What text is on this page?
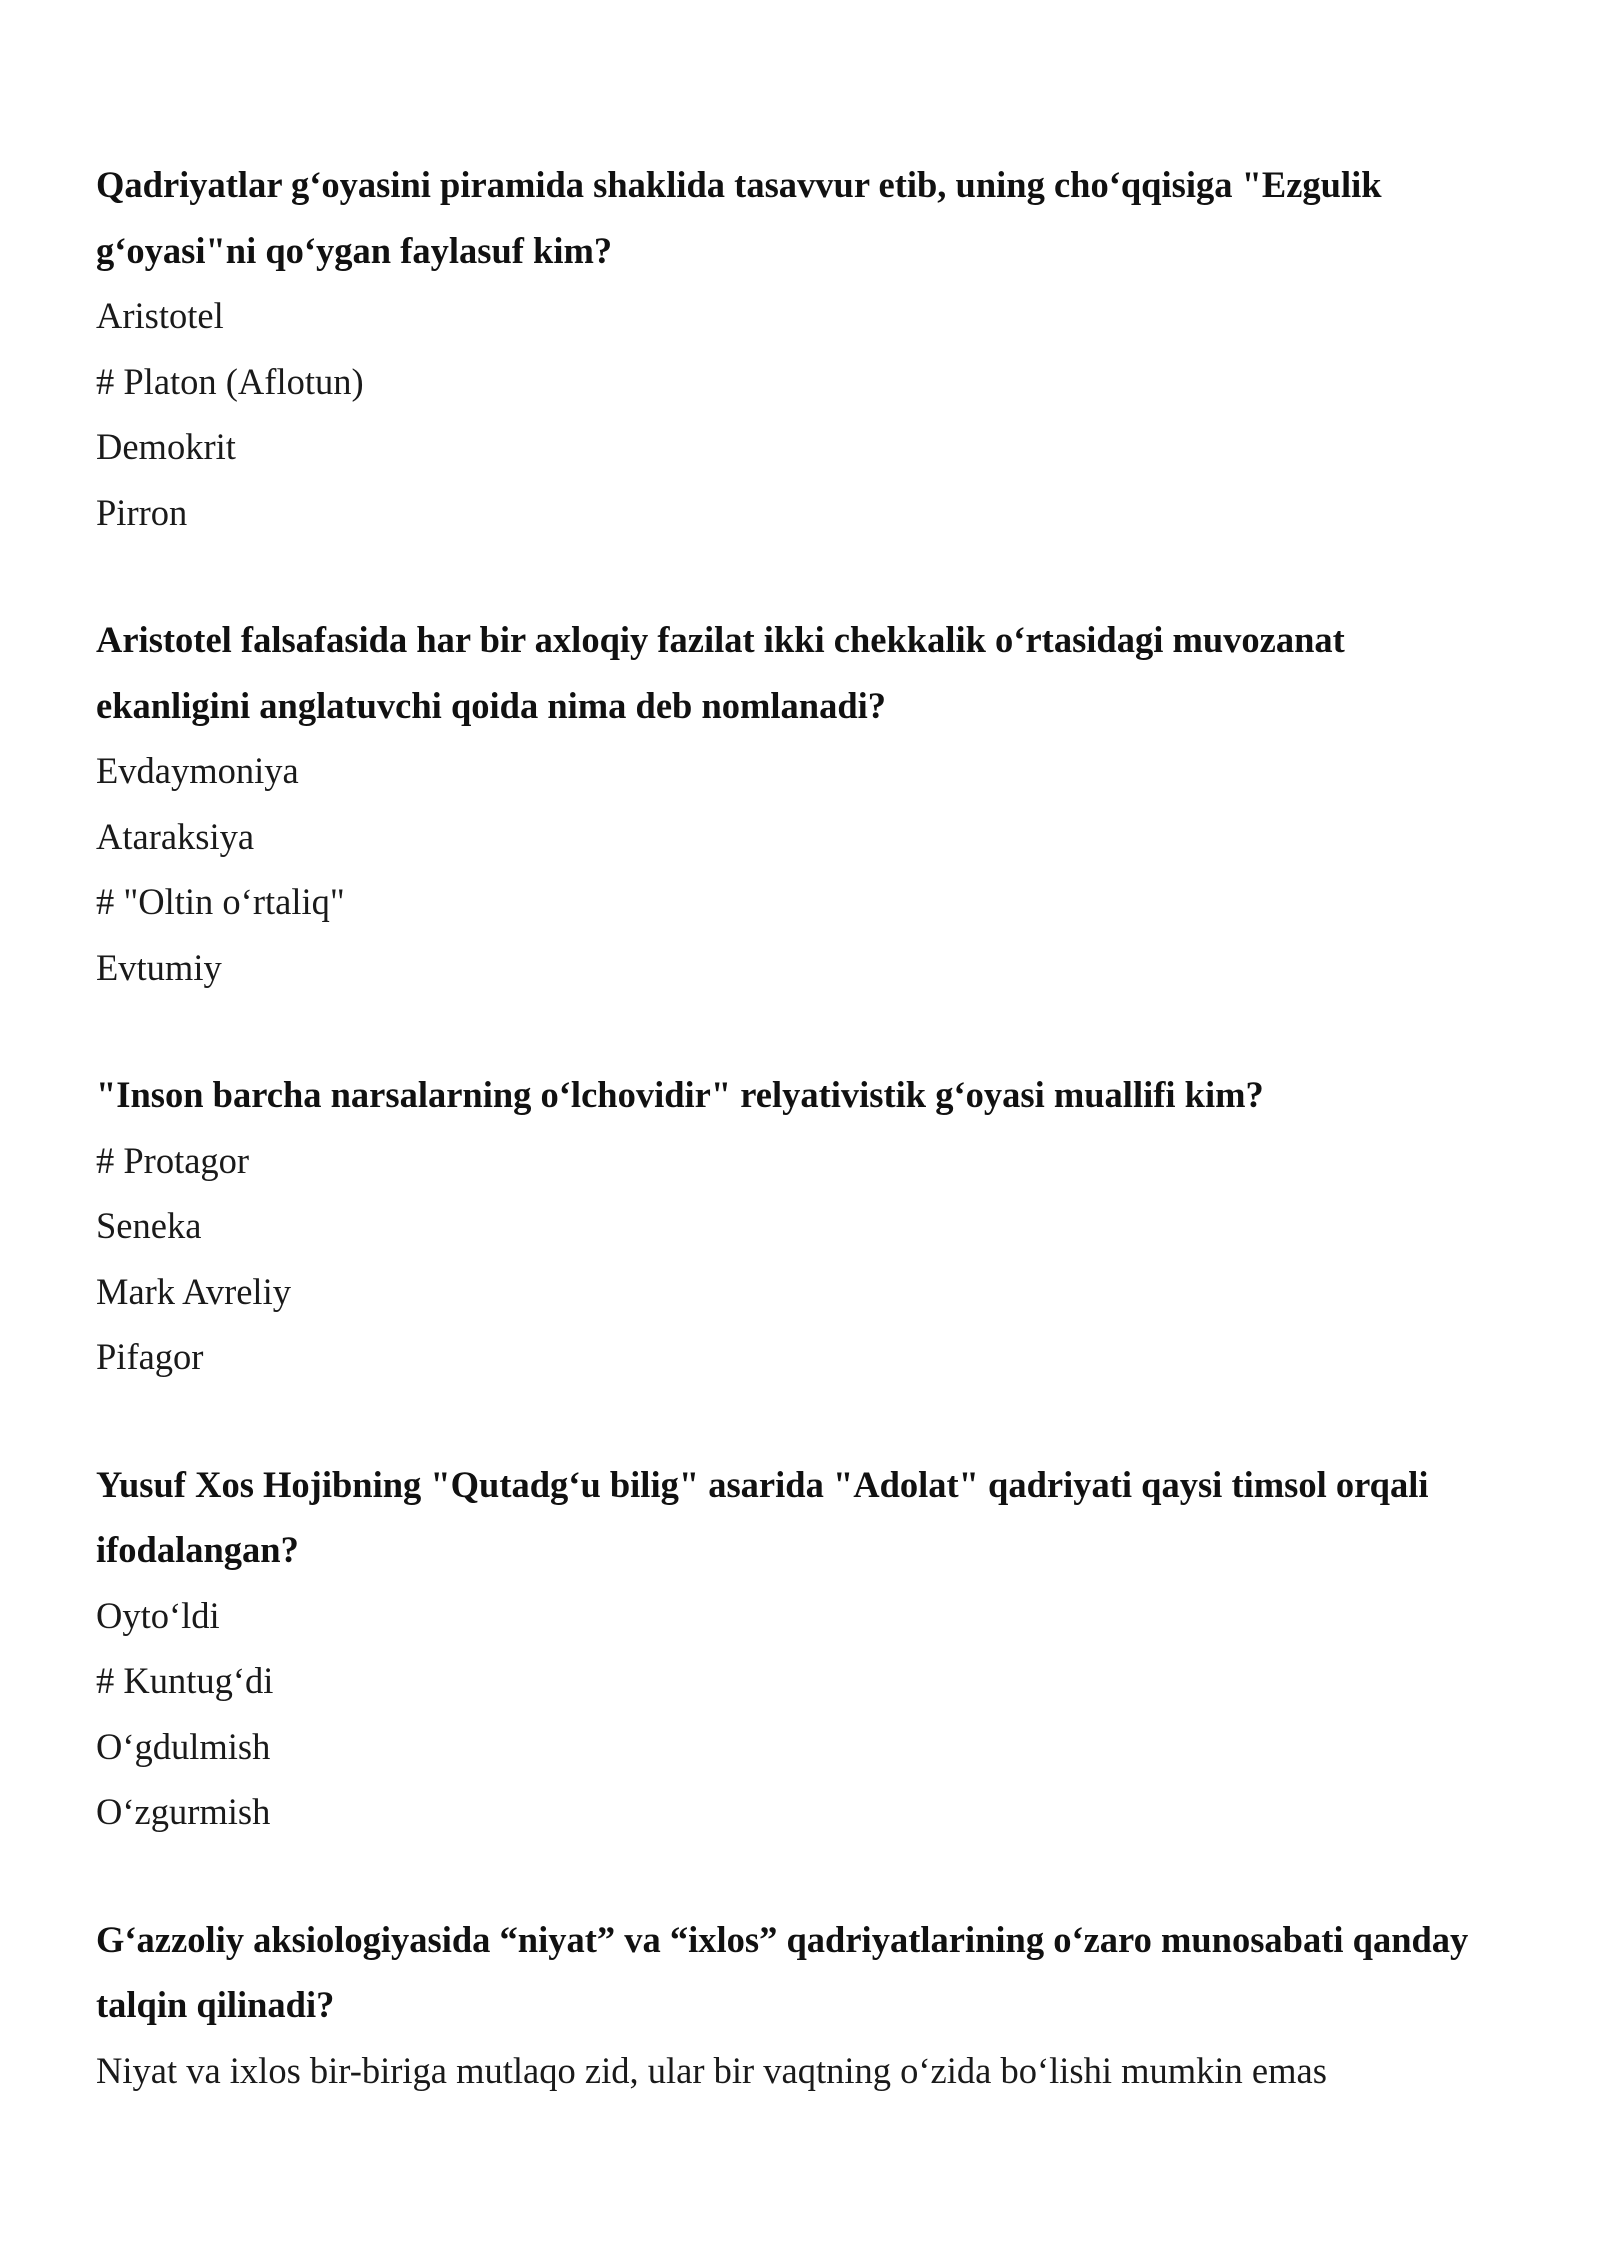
Qadriyatlar g‘oyasini piramida shaklida tasavvur etib, uning cho‘qqisiga "Ezgulik g‘oyasi"ni qo‘ygan faylasuf kim?

Aristotel
# Platon (Aflotun)
Demokrit
Pirron

Aristotel falsafasida har bir axloqiy fazilat ikki chekkalik o‘rtasidagi muvozanat ekanligini anglatuvchi qoida nima deb nomlanadi?

Evdaymoniya
Ataraksiya
# "Oltin o‘rtaliq"
Evtumiy

"Inson barcha narsalarning o‘lchovidir" relyativistik g‘oyasi muallifi kim?

# Protagor
Seneka
Mark Avreliy
Pifagor

Yusuf Xos Hojibning "Qutadg‘u bilig" asarida "Adolat" qadriyati qaysi timsol orqali ifodalangan?

Oyto‘ldi
# Kuntug‘di
O‘gdulmish
O‘zgurmish

G‘azzoliy aksiologiyasida “niyat” va “ixlos” qadriyatlarining o‘zaro munosabati qanday talqin qilinadi?

Niyat va ixlos bir-biriga mutlaqo zid, ular bir vaqtning o‘zida bo‘lishi mumkin emas
